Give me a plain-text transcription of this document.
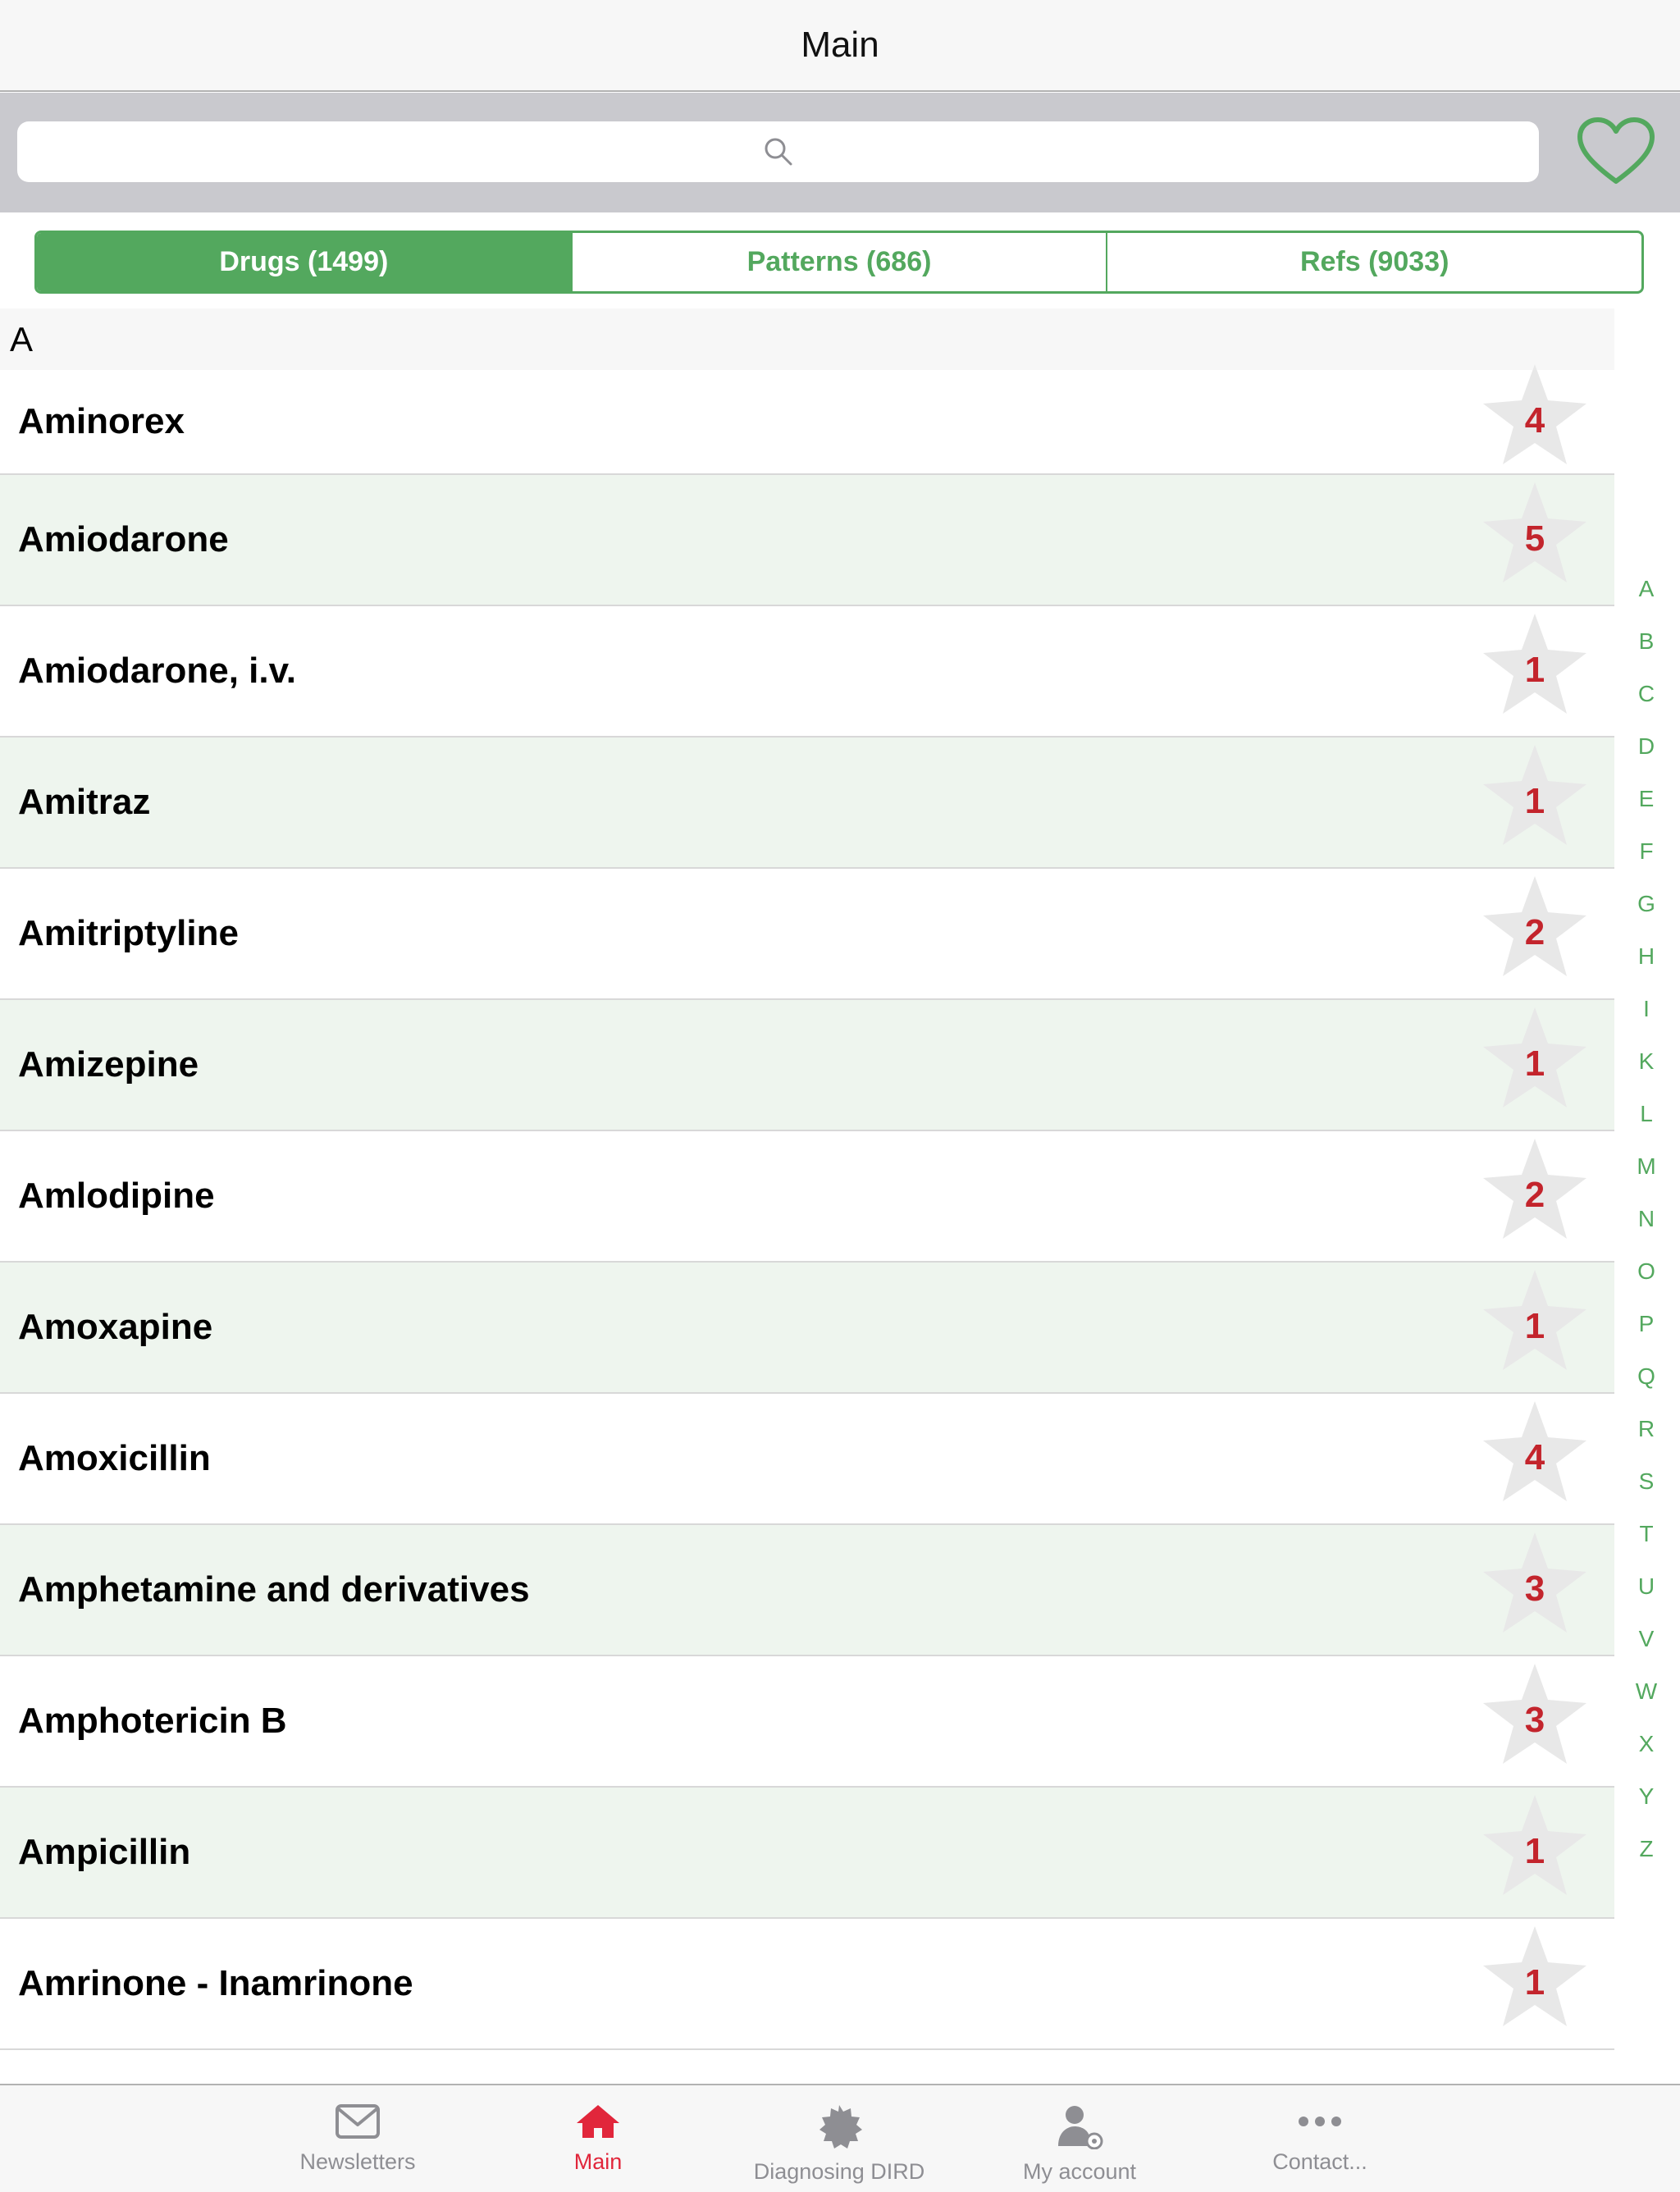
Main
Drugs (1499)	Patterns (686)	Refs (9033)
A
Aminorex	4
Amiodarone	5
Amiodarone, i.v.	1
Amitraz	1
Amitriptyline	2
Amizepine	1
Amlodipine	2
Amoxapine	1
Amoxicillin	4
Amphetamine and derivatives	3
Amphotericin B	3
Ampicillin	1
Amrinone - Inamrinone	1
A
B
C
D
E
F
G
H
I
K
L
M
N
O
P
Q
R
S
T
U
V
W
X
Y
Z
Newsletters	Main	Diagnosing DIRD	My account	Contact...
